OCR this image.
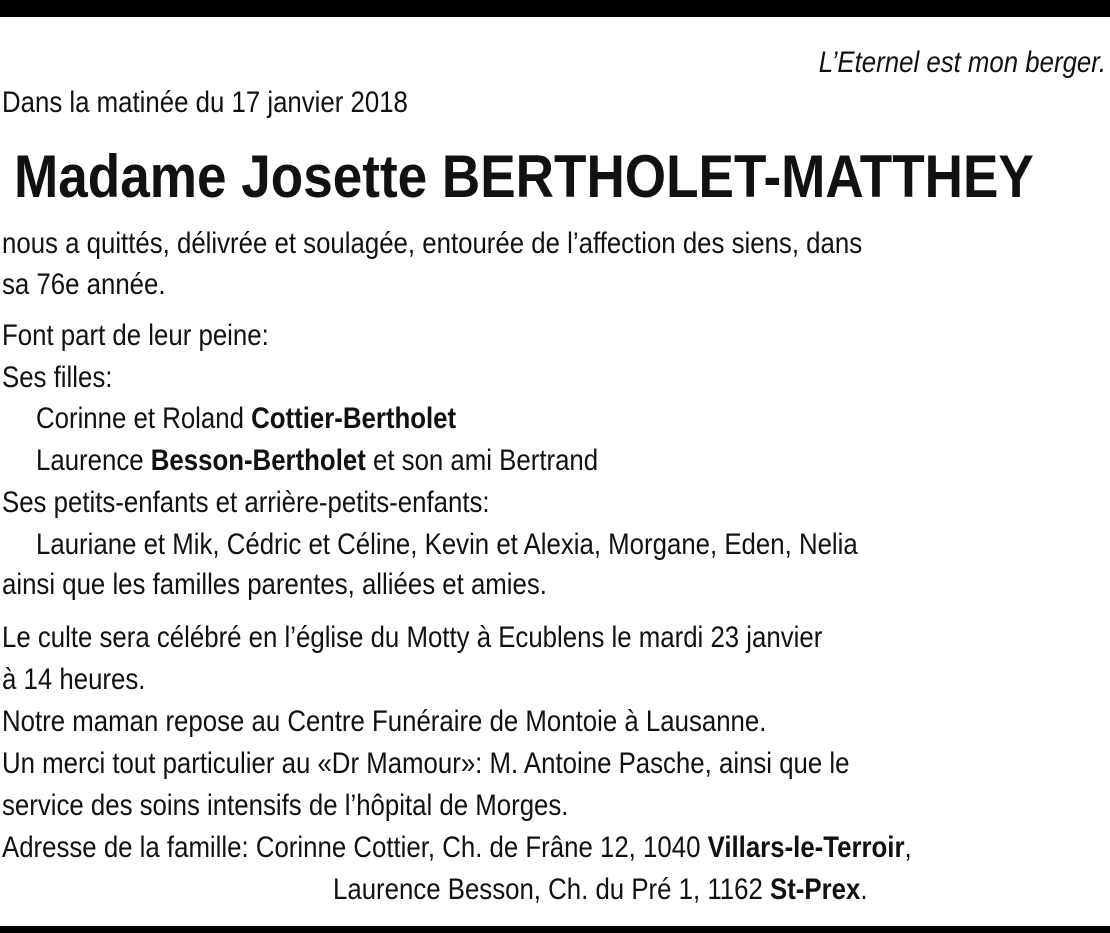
L’Eternel est mon berger.
Dans la matinée du 17 janvier 2018
Madame Josette BERTHOLET-MATTHEY
nous a quittés, délivrée et soulagée, entourée de l’affection des siens, dans
sa 76e année.
Font part de leur peine:
Ses filles:
Corinne et Roland Cottier-Bertholet
Laurence Besson-Bertholet et son ami Bertrand
Ses petits-enfants et arrière-petits-enfants:
Lauriane et Mik, Cédric et Céline, Kevin et Alexia, Morgane, Eden, Nelia
ainsi que les familles parentes, alliées et amies.
Le culte sera célébré en l’église du Motty à Ecublens le mardi 23 janvier
à 14 heures.
Notre maman repose au Centre Funéraire de Montoie à Lausanne.
Un merci tout particulier au «Dr Mamour»: M. Antoine Pasche, ainsi que le
service des soins intensifs de l’hôpital de Morges.
Adresse de la famille: Corinne Cottier, Ch. de Frâne 12, 1040 Villars-le-Terroir,
Laurence Besson, Ch. du Pré 1, 1162 St-Prex.
